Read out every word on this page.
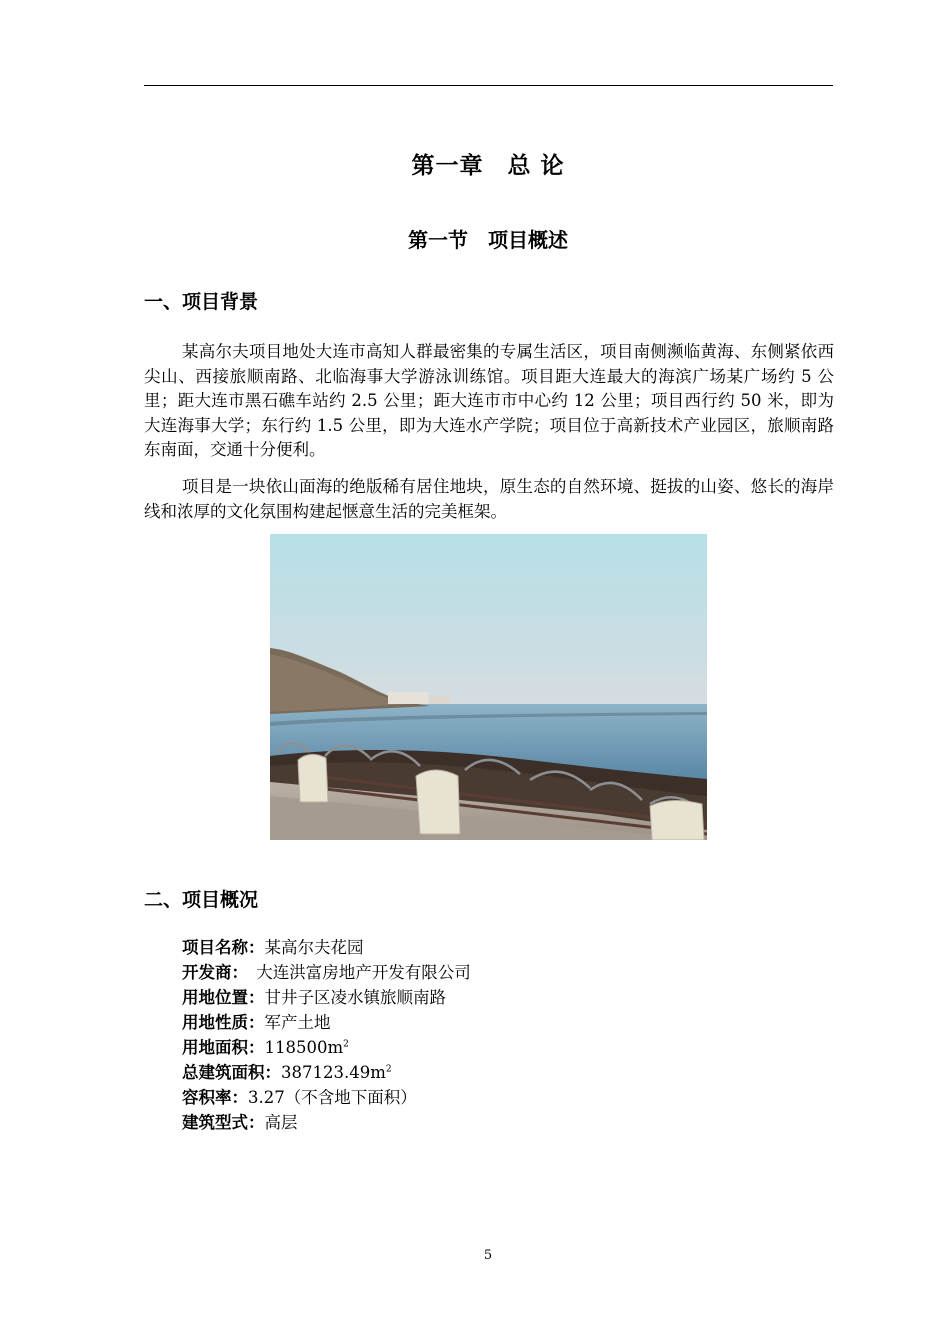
第一章　总 论
第一节　项目概述
一、项目背景
某高尔夫项目地处大连市高知人群最密集的专属生活区，项目南侧濒临黄海、东侧紧依西尖山、西接旅顺南路、北临海事大学游泳训练馆。项目距大连最大的海滨广场某广场约 5 公里；距大连市黑石礁车站约 2.5 公里；距大连市市中心约 12 公里；项目西行约 50 米，即为大连海事大学；东行约 1.5 公里，即为大连水产学院；项目位于高新技术产业园区，旅顺南路东南面，交通十分便利。
项目是一块依山面海的绝版稀有居住地块，原生态的自然环境、挺拔的山姿、悠长的海岸线和浓厚的文化氛围构建起惬意生活的完美框架。
二、项目概况
项目名称：某高尔夫花园
开发商：　大连洪富房地产开发有限公司
用地位置：甘井子区凌水镇旅顺南路
用地性质：军产土地
用地面积：$118500m^2$
总建筑面积：$387123.49m^2$
容积率：3.27（不含地下面积）
建筑型式：高层
5
